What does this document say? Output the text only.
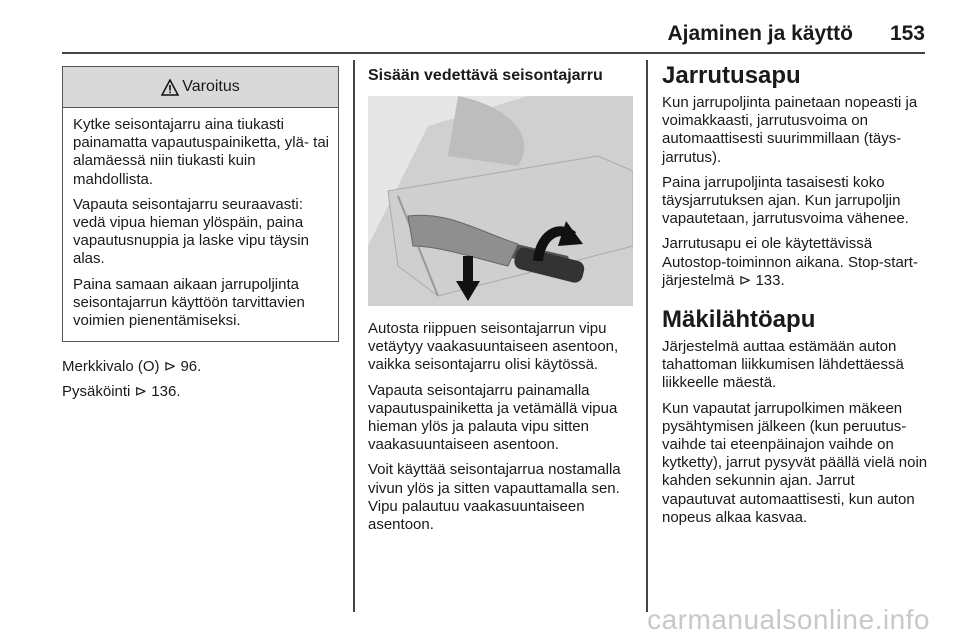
Ajaminen ja käyttö 153
Varoitus

Kytke seisontajarru aina tiukasti painamatta vapautuspainiketta, ylä- tai alamäessä niin tiukasti kuin mahdollista.

Vapauta seisontajarru seuraavasti: vedä vipua hieman ylöspäin, paina vapautusnuppia ja laske vipu täysin alas.

Paina samaan aikaan jarrupoljinta seisontajarrun käyttöön tarvittavien voimien pienentämiseksi.

Merkkivalo (O) ⊳ 96.

Pysäköinti ⊳ 136.

Sisään vedettävä seisontajarru

Autosta riippuen seisontajarrun vipu vetäytyy vaakasuuntaiseen asentoon, vaikka seisontajarru olisi käytössä.

Vapauta seisontajarru painamalla vapautuspainiketta ja vetämällä vipua hieman ylös ja palauta vipu sitten vaakasuuntaiseen asentoon.

Voit käyttää seisontajarrua nostamalla vivun ylös ja sitten vapauttamalla sen. Vipu palautuu vaakasuuntaiseen asentoon.

Jarrutusapu

Kun jarrupoljinta painetaan nopeasti ja voimakkaasti, jarrutusvoima on automaattisesti suurimmillaan (täysjarrutus).

Paina jarrupoljinta tasaisesti koko täysjarrutuksen ajan. Kun jarrupoljin vapautetaan, jarrutusvoima vähenee.

Jarrutusapu ei ole käytettävissä Autostop-toiminnon aikana. Stop-start-järjestelmä ⊳ 133.

Mäkilähtöapu

Järjestelmä auttaa estämään auton tahattoman liikkumisen lähdettäessä liikkeelle mäestä.

Kun vapautat jarrupolkimen mäkeen pysähtymisen jälkeen (kun peruutusvaihde tai eteenpäinajon vaihde on kytketty), jarrut pysyvät päällä vielä noin kahden sekunnin ajan. Jarrut vapautuvat automaattisesti, kun auton nopeus alkaa kasvaa.

carmanualsonline.info
